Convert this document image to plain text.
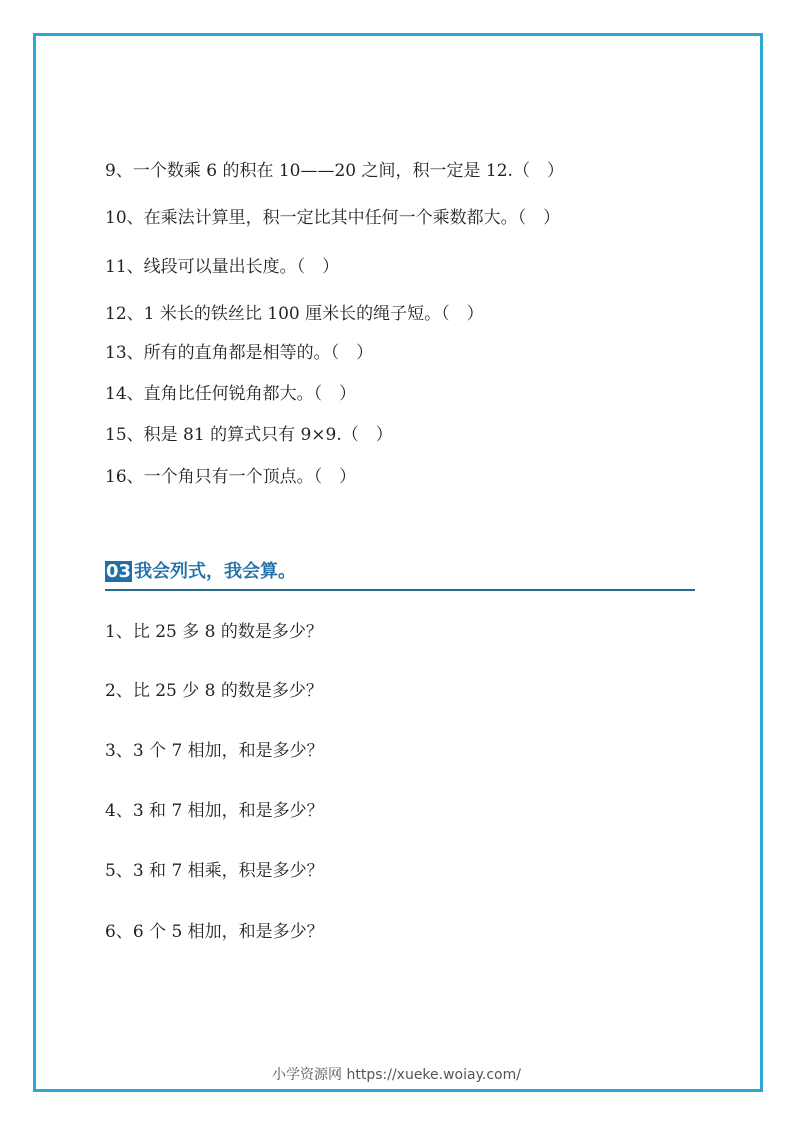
9、一个数乘 6 的积在 10——20 之间，积一定是 12.（　）
10、在乘法计算里，积一定比其中任何一个乘数都大。（　）
11、线段可以量出长度。（　）
12、1 米长的铁丝比 100 厘米长的绳子短。（　）
13、所有的直角都是相等的。（　）
14、直角比任何锐角都大。（　）
15、积是 81 的算式只有 9×9.（　）
16、一个角只有一个顶点。（　）
03 我会列式，我会算。
1、比 25 多 8 的数是多少？
2、比 25 少 8 的数是多少？
3、3 个 7 相加，和是多少？
4、3 和 7 相加，和是多少？
5、3 和 7 相乘，积是多少？
6、6 个 5 相加，和是多少？
小学资源网 https://xueke.woiay.com/
